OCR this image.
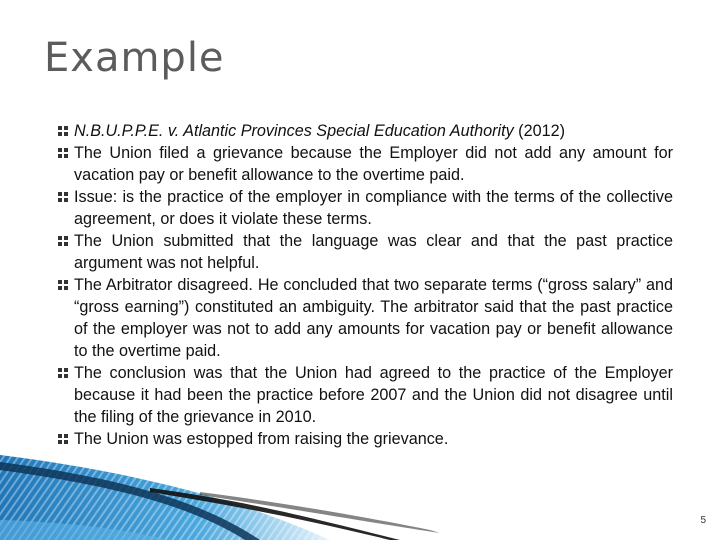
Example
N.B.U.P.P.E. v. Atlantic Provinces Special Education Authority (2012)
The Union filed a grievance because the Employer did not add any amount for vacation pay or benefit allowance to the overtime paid.
Issue: is the practice of the employer in compliance with the terms of the collective agreement, or does it violate these terms.
The Union submitted that the language was clear and that the past practice argument was not helpful.
The Arbitrator disagreed. He concluded that two separate terms (“gross salary” and “gross earning”) constituted an ambiguity. The arbitrator said that the past practice of the employer was not to add any amounts for vacation pay or benefit allowance to the overtime paid.
The conclusion was that the Union had agreed to the practice of the Employer because it had been the practice before 2007 and the Union did not disagree until the filing of the grievance in 2010.
The Union was estopped from raising the grievance.
5
